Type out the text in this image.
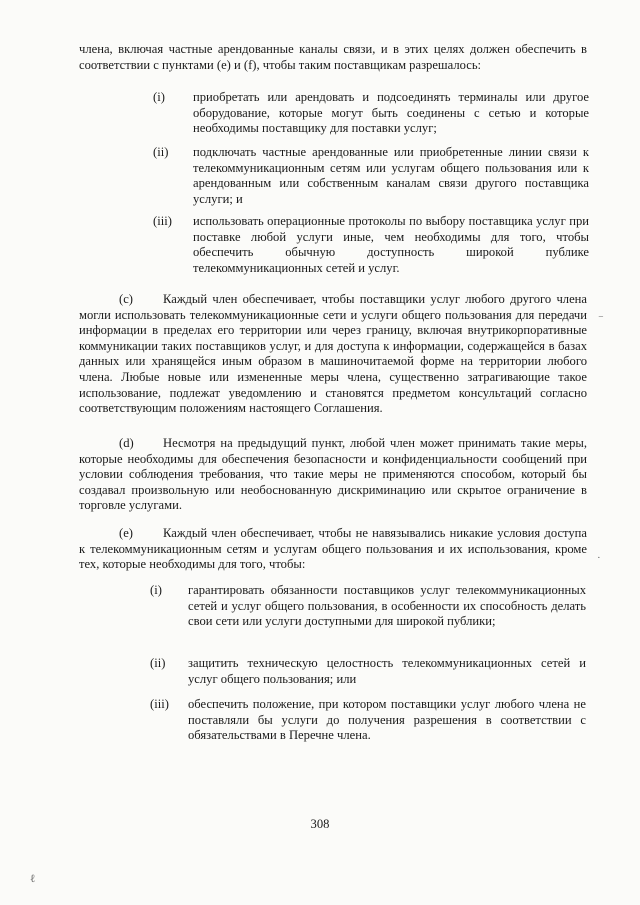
члена, включая частные арендованные каналы связи, и в этих целях должен обеспечить в соответствии с пунктами (е) и (f), чтобы таким поставщикам разрешалось:

(i) приобретать или арендовать и подсоединять терминалы или другое оборудование, которые могут быть соединены с сетью и которые необходимы поставщику для поставки услуг;

(ii) подключать частные арендованные или приобретенные линии связи к телекоммуникационным сетям или услугам общего пользования или к арендованным или собственным каналам связи другого поставщика услуги; и

(iii) использовать операционные протоколы по выбору поставщика услуг при поставке любой услуги иные, чем необходимы для того, чтобы обеспечить обычную доступность широкой публике телекоммуникационных сетей и услуг.

(с) Каждый член обеспечивает, чтобы поставщики услуг любого другого члена могли использовать телекоммуникационные сети и услуги общего пользования для передачи информации в пределах его территории или через границу, включая внутрикорпоративные коммуникации таких поставщиков услуг, и для доступа к информации, содержащейся в базах данных или хранящейся иным образом в машиночитаемой форме на территории любого члена. Любые новые или измененные меры члена, существенно затрагивающие такое использование, подлежат уведомлению и становятся предметом консультаций согласно соответствующим положениям настоящего Соглашения.

(d) Несмотря на предыдущий пункт, любой член может принимать такие меры, которые необходимы для обеспечения безопасности и конфиденциальности сообщений при условии соблюдения требования, что такие меры не применяются способом, который бы создавал произвольную или необоснованную дискриминацию или скрытое ограничение в торговле услугами.

(е) Каждый член обеспечивает, чтобы не навязывались никакие условия доступа к телекоммуникационным сетям и услугам общего пользования и их использования, кроме тех, которые необходимы для того, чтобы:

(i) гарантировать обязанности поставщиков услуг телекоммуникационных сетей и услуг общего пользования, в особенности их способность делать свои сети или услуги доступными для широкой публики;

(ii) защитить техническую целостность телекоммуникационных сетей и услуг общего пользования; или

(iii) обеспечить положение, при котором поставщики услуг любого члена не поставляли бы услуги до получения разрешения в соответствии с обязательствами в Перечне члена.

308
⁻
·
ℓ
